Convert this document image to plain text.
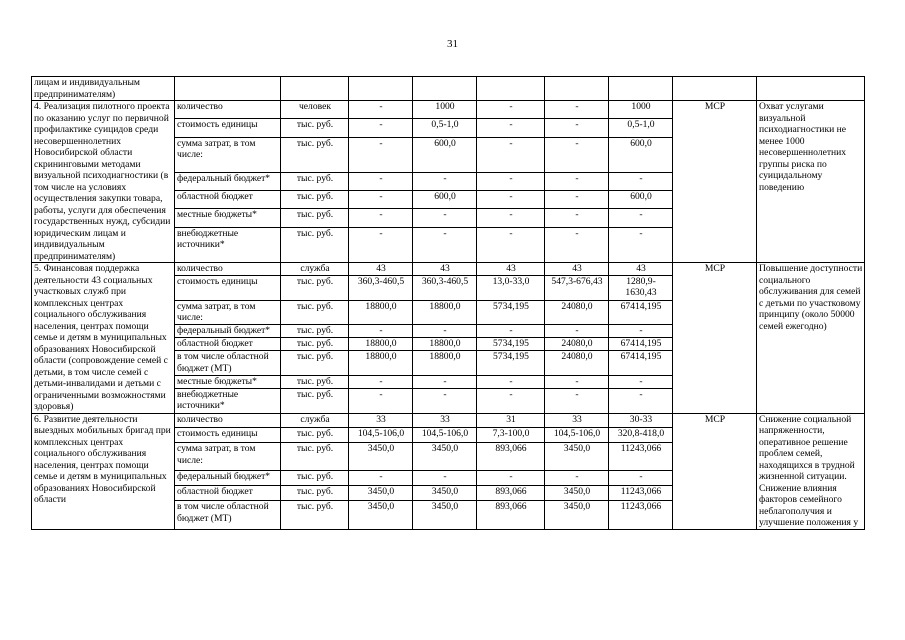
31
лицам и индивидуальным предпринимателям)									
4. Реализация пилотного проекта по оказанию услуг по первичной профилактике суицидов среди несовершеннолетних Новосибирской области скрининговыми методами визуальной психодиагностики (в том числе на условиях осуществления закупки товара, работы, услуги для обеспечения государственных нужд, субсидии юридическим лицам и индивидуальным предпринимателям)	количество	человек	-	1000	-	-	1000	МСР	Охват услугами визуальной психодиагностики не менее 1000 несовершеннолетних группы риска по суицидальному поведению
	стоимость единицы	тыс. руб.	-	0,5-1,0	-	-	0,5-1,0		
	сумма затрат, в том числе:	тыс. руб.	-	600,0	-	-	600,0		
	федеральный бюджет*	тыс. руб.	-	-	-	-	-		
	областной бюджет	тыс. руб.	-	600,0	-	-	600,0		
	местные бюджеты*	тыс. руб.	-	-	-	-	-		
	внебюджетные источники*	тыс. руб.	-	-	-	-	-		
5. Финансовая поддержка деятельности 43 социальных участковых служб при комплексных центрах социального обслуживания населения, центрах помощи семье и детям в муниципальных образованиях Новосибирской области (сопровождение семей с детьми, в том числе семей с детьми-инвалидами и детьми с ограниченными возможностями здоровья)	количество	служба	43	43	43	43	43	МСР	Повышение доступности социального обслуживания для семей с детьми по участковому принципу (около 50000 семей ежегодно)
	стоимость единицы	тыс. руб.	360,3-460,5	360,3-460,5	13,0-33,0	547,3-676,43	1280,9-1630,43		
	сумма затрат, в том числе:	тыс. руб.	18800,0	18800,0	5734,195	24080,0	67414,195		
	федеральный бюджет*	тыс. руб.	-	-	-	-	-		
	областной бюджет	тыс. руб.	18800,0	18800,0	5734,195	24080,0	67414,195		
	в том числе областной бюджет (МТ)	тыс. руб.	18800,0	18800,0	5734,195	24080,0	67414,195		
	местные бюджеты*	тыс. руб.	-	-	-	-	-		
	внебюджетные источники*	тыс. руб.	-	-	-	-	-		
6. Развитие деятельности выездных мобильных бригад при комплексных центрах социального обслуживания населения, центрах помощи семье и детям в муниципальных образованиях Новосибирской области	количество	служба	33	33	31	33	30-33	МСР	Снижение социальной напряженности, оперативное решение проблем семей, находящихся в трудной жизненной ситуации. Снижение влияния факторов семейного неблагополучия и улучшение положения у
	стоимость единицы	тыс. руб.	104,5-106,0	104,5-106,0	7,3-100,0	104,5-106,0	320,8-418,0		
	сумма затрат, в том числе:	тыс. руб.	3450,0	3450,0	893,066	3450,0	11243,066		
	федеральный бюджет*	тыс. руб.	-	-	-	-	-		
	областной бюджет	тыс. руб.	3450,0	3450,0	893,066	3450,0	11243,066		
	в том числе областной бюджет (МТ)	тыс. руб.	3450,0	3450,0	893,066	3450,0	11243,066		
